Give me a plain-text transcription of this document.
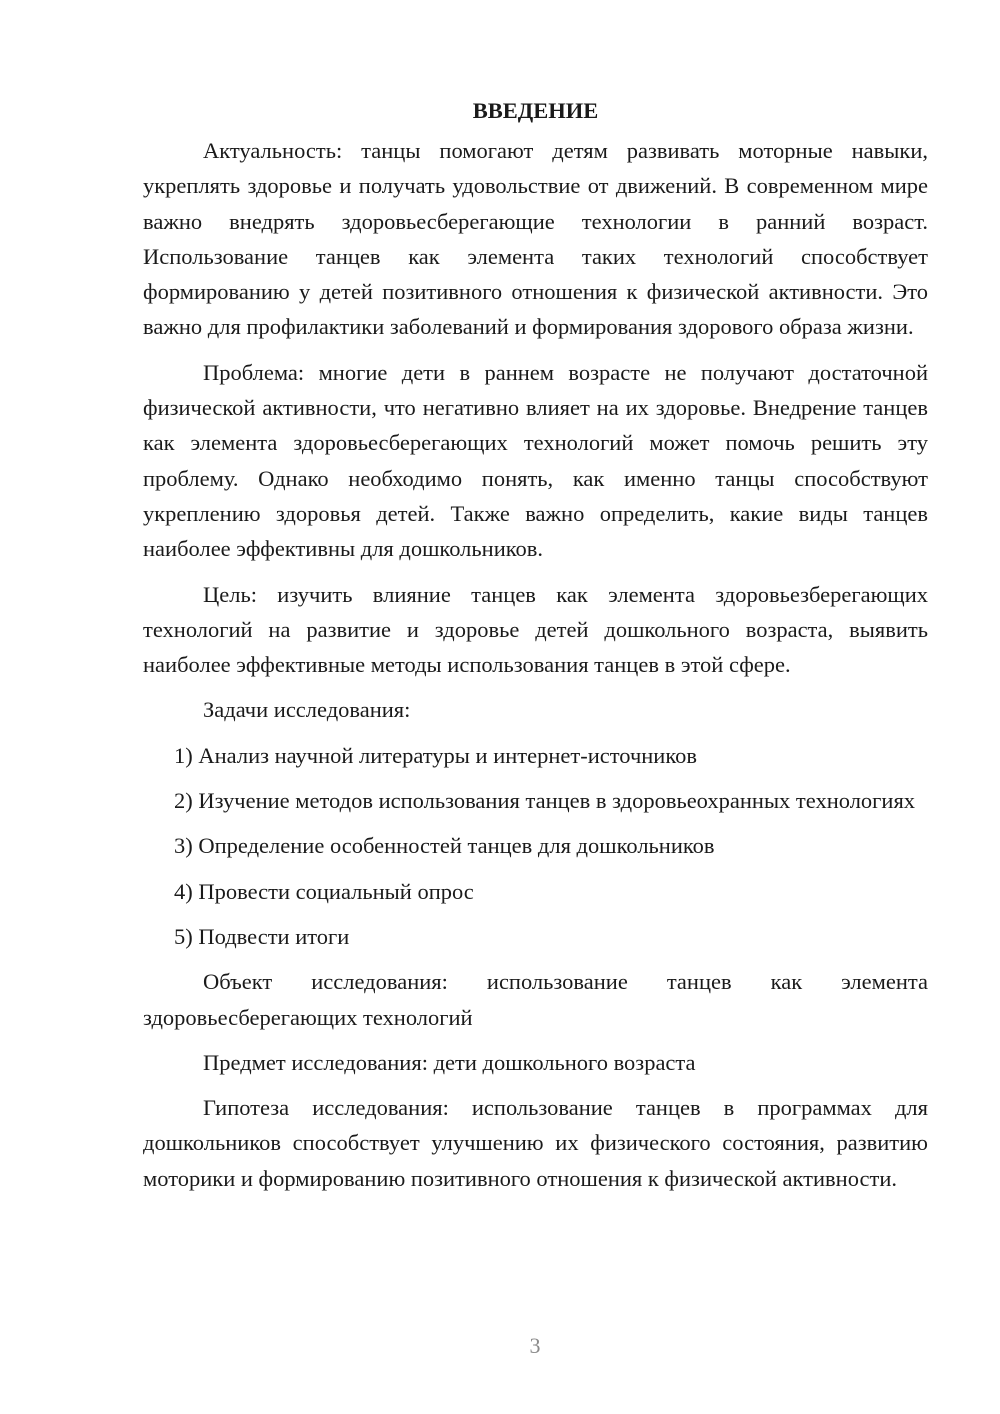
ВВЕДЕНИЕ

Актуальность: танцы помогают детям развивать моторные навыки, укреплять здоровье и получать удовольствие от движений. В современном мире важно внедрять здоровьесберегающие технологии в ранний возраст. Использование танцев как элемента таких технологий способствует формированию у детей позитивного отношения к физической активности. Это важно для профилактики заболеваний и формирования здорового образа жизни.

Проблема: многие дети в раннем возрасте не получают достаточной физической активности, что негативно влияет на их здоровье. Внедрение танцев как элемента здоровьесберегающих технологий может помочь решить эту проблему. Однако необходимо понять, как именно танцы способствуют укреплению здоровья детей. Также важно определить, какие виды танцев наиболее эффективны для дошкольников.

Цель: изучить влияние танцев как элемента здоровьезберегающих технологий на развитие и здоровье детей дошкольного возраста, выявить наиболее эффективные методы использования танцев в этой сфере.

Задачи исследования:

1) Анализ научной литературы и интернет-источников

2) Изучение методов использования танцев в здоровьеохранных технологиях

3) Определение особенностей танцев для дошкольников

4) Провести социальный опрос

5) Подвести итоги

Объект исследования: использование танцев как элемента здоровьесберегающих технологий

Предмет исследования: дети дошкольного возраста

Гипотеза исследования: использование танцев в программах для дошкольников способствует улучшению их физического состояния, развитию моторики и формированию позитивного отношения к физической активности.

3
